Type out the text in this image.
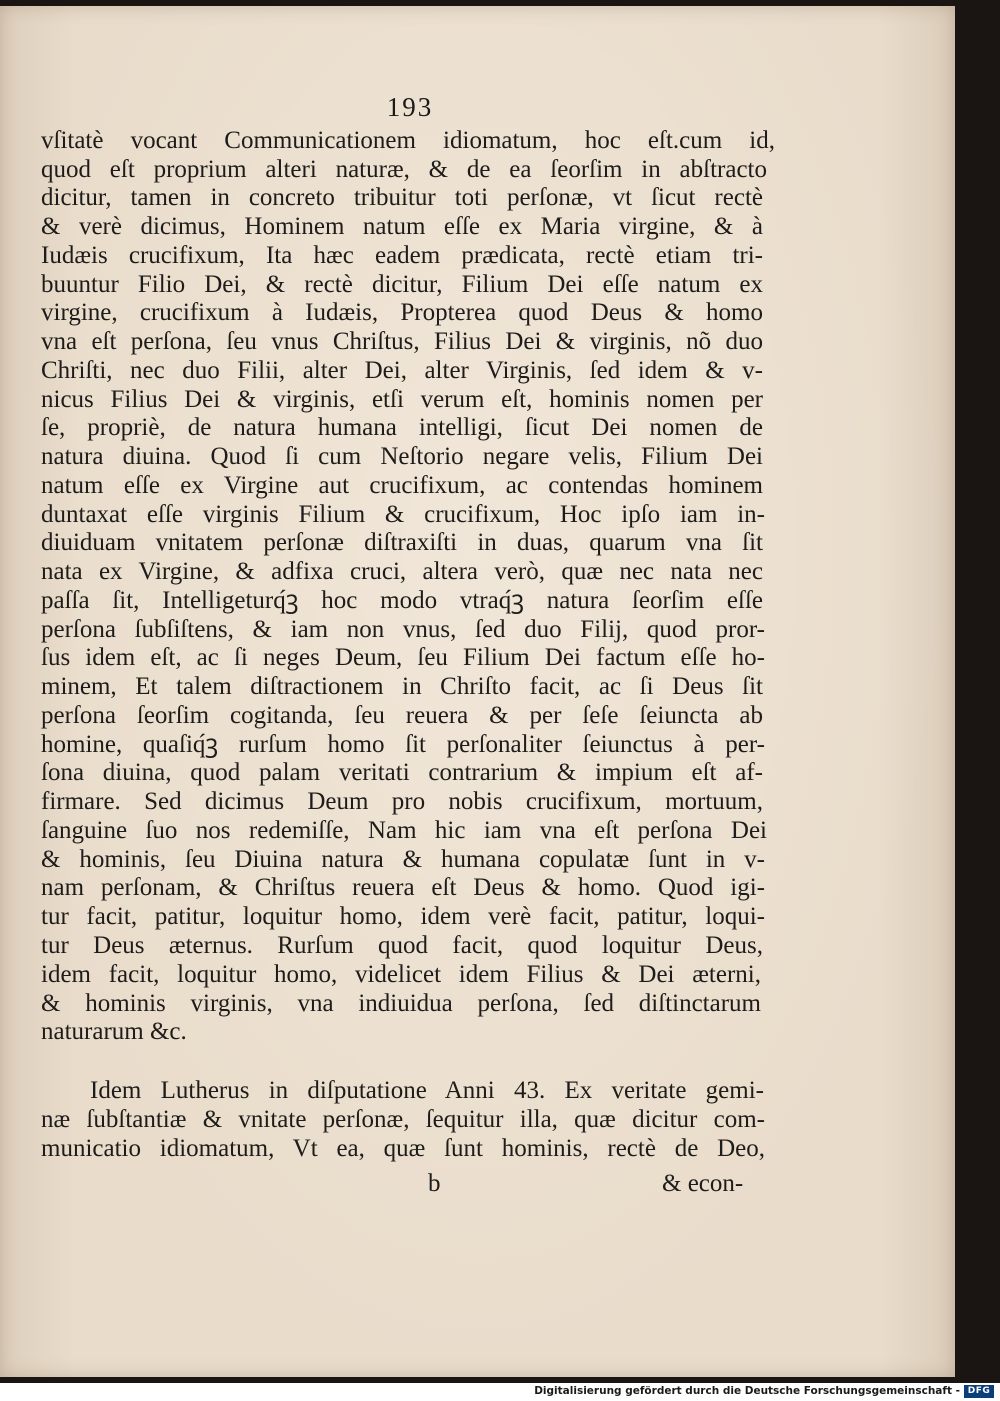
193
vſitatè vocant Communicationem idiomatum, hoc eſt.cum id,
quod eſt proprium alteri naturæ, & de ea ſeorſim in abſtracto
dicitur, tamen in concreto tribuitur toti perſonæ, vt ſicut rectè
& verè dicimus, Hominem natum eſſe ex Maria virgine, & à
Iudæis crucifixum, Ita hæc eadem prædicata, rectè etiam tri-
buuntur Filio Dei, & rectè dicitur, Filium Dei eſſe natum ex
virgine, crucifixum à Iudæis, Propterea quod Deus & homo
vna eſt perſona, ſeu vnus Chriſtus, Filius Dei & virginis, nõ duo
Chriſti, nec duo Filii, alter Dei, alter Virginis, ſed idem & v-
nicus Filius Dei & virginis, etſi verum eſt, hominis nomen per
ſe, propriè, de natura humana intelligi, ſicut Dei nomen de
natura diuina. Quod ſi cum Neſtorio negare velis, Filium Dei
natum eſſe ex Virgine aut crucifixum, ac contendas hominem
duntaxat eſſe virginis Filium & crucifixum, Hoc ipſo iam in-
diuiduam vnitatem perſonæ diſtraxiſti in duas, quarum vna ſit
nata ex Virgine, & adfixa cruci, altera verò, quæ nec nata nec
paſſa ſit, Intelligeturq́ꝫ hoc modo vtraq́ꝫ natura ſeorſim eſſe
perſona ſubſiſtens, & iam non vnus, ſed duo Filij, quod pror-
ſus idem eſt, ac ſi neges Deum, ſeu Filium Dei factum eſſe ho-
minem, Et talem diſtractionem in Chriſto facit, ac ſi Deus ſit
perſona ſeorſim cogitanda, ſeu reuera & per ſeſe ſeiuncta ab
homine, quaſiq́ꝫ rurſum homo ſit perſonaliter ſeiunctus à per-
ſona diuina, quod palam veritati contrarium & impium eſt af-
firmare. Sed dicimus Deum pro nobis crucifixum, mortuum,
ſanguine ſuo nos redemiſſe, Nam hic iam vna eſt perſona Dei
& hominis, ſeu Diuina natura & humana copulatæ ſunt in v-
nam perſonam, & Chriſtus reuera eſt Deus & homo. Quod igi-
tur facit, patitur, loquitur homo, idem verè facit, patitur, loqui-
tur Deus æternus. Rurſum quod facit, quod loquitur Deus,
idem facit, loquitur homo, videlicet idem Filius & Dei æterni,
& hominis virginis, vna indiuidua perſona, ſed diſtinctarum
naturarum &c.
Idem Lutherus in diſputatione Anni 43. Ex veritate gemi-
næ ſubſtantiæ & vnitate perſonæ, ſequitur illa, quæ dicitur com-
municatio idiomatum, Vt ea, quæ ſunt hominis, rectè de Deo,
b	& econ-
Digitalisierung gefördert durch die Deutsche Forschungsgemeinschaft - DFG
